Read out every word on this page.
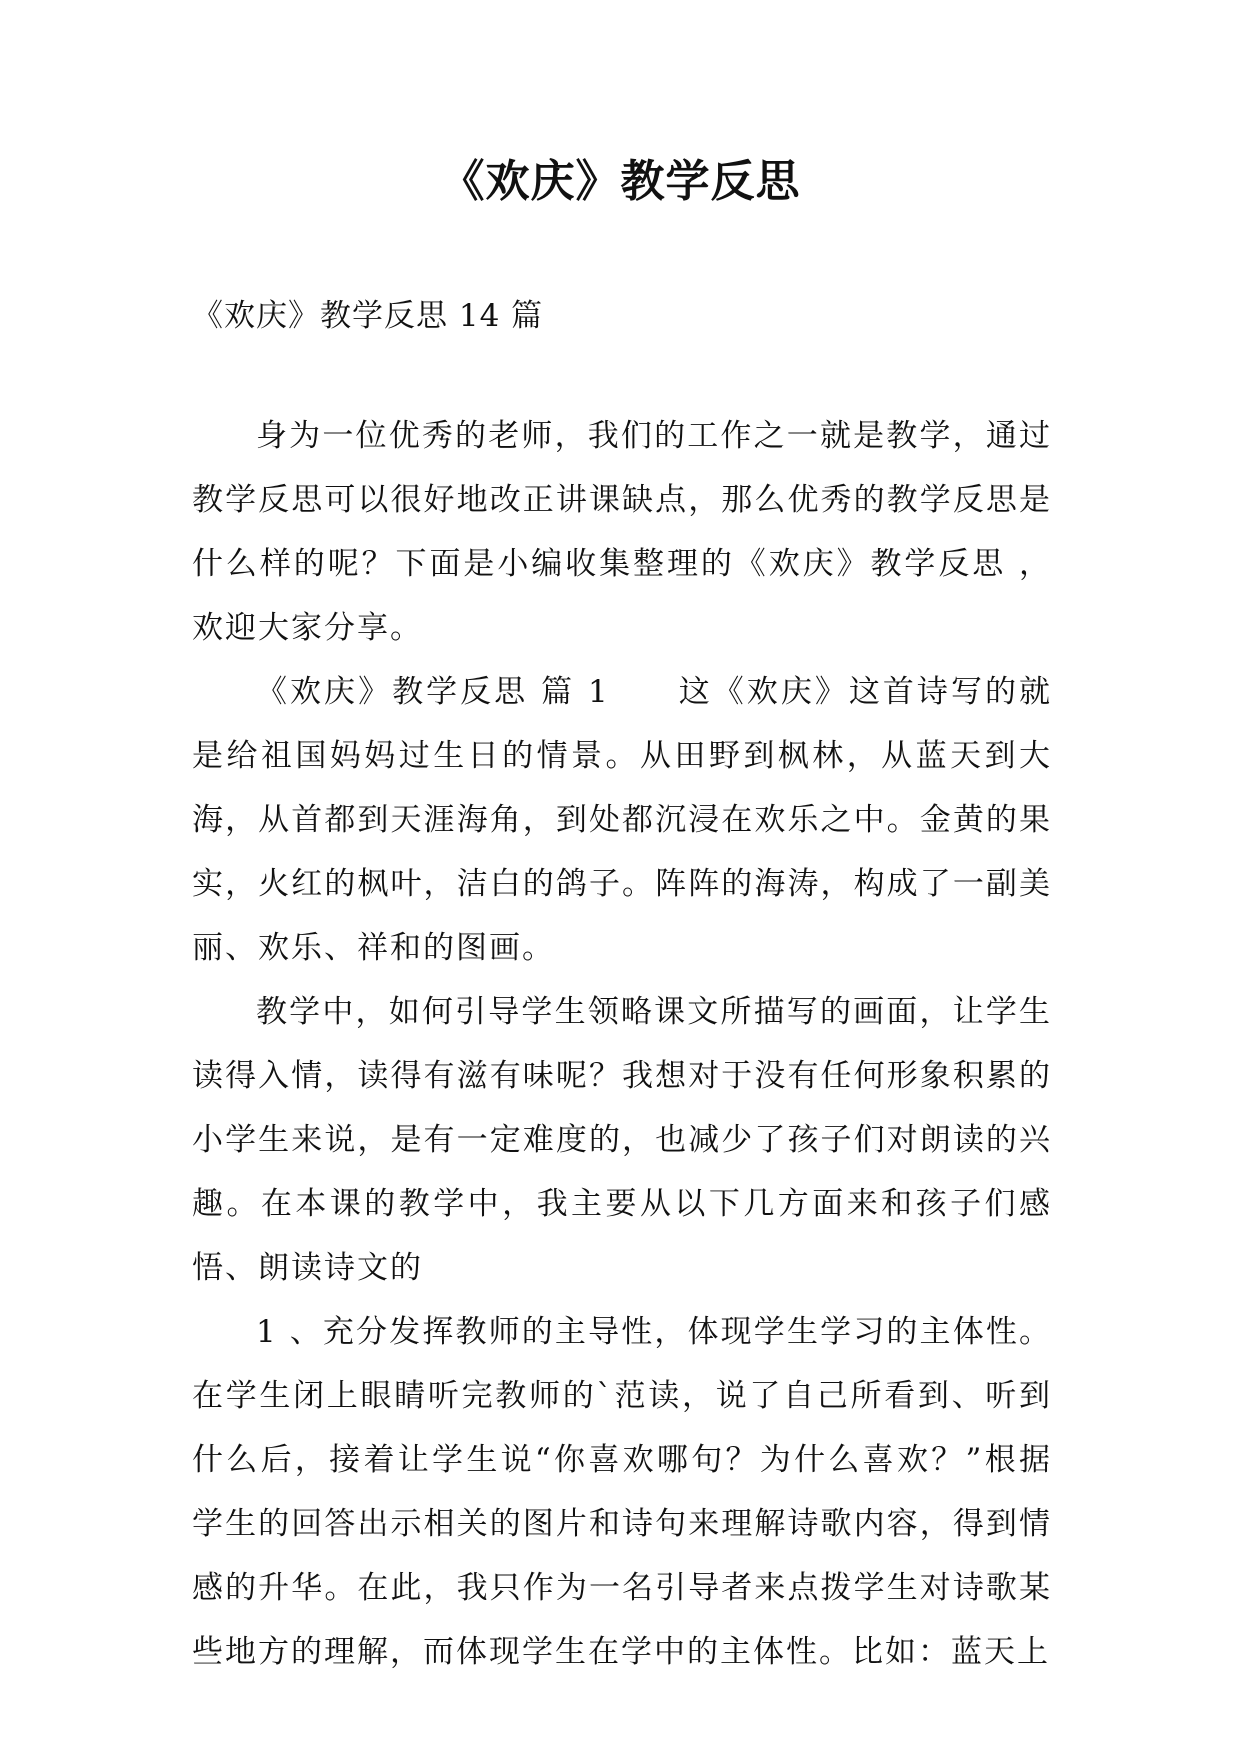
《欢庆》教学反思
《欢庆》教学反思 14 篇

身为一位优秀的老师，我们的工作之一就是教学，通过教学反思可以很好地改正讲课缺点，那么优秀的教学反思是什么样的呢？下面是小编收集整理的《欢庆》教学反思 ，欢迎大家分享。

《欢庆》教学反思 篇 1　　这《欢庆》这首诗写的就是给祖国妈妈过生日的情景。从田野到枫林，从蓝天到大海，从首都到天涯海角，到处都沉浸在欢乐之中。金黄的果实，火红的枫叶，洁白的鸽子。阵阵的海涛，构成了一副美丽、欢乐、祥和的图画。

教学中，如何引导学生领略课文所描写的画面，让学生读得入情，读得有滋有味呢？我想对于没有任何形象积累的小学生来说，是有一定难度的，也减少了孩子们对朗读的兴趣。在本课的教学中，我主要从以下几方面来和孩子们感悟、朗读诗文的

1 、充分发挥教师的主导性，体现学生学习的主体性。在学生闭上眼睛听完教师的`范读，说了自己所看到、听到什么后，接着让学生说“你喜欢哪句？为什么喜欢？”根据学生的回答出示相关的图片和诗句来理解诗歌内容，得到情感的升华。在此，我只作为一名引导者来点拨学生对诗歌某些地方的理解，而体现学生在学中的主体性。比如：蓝天上
